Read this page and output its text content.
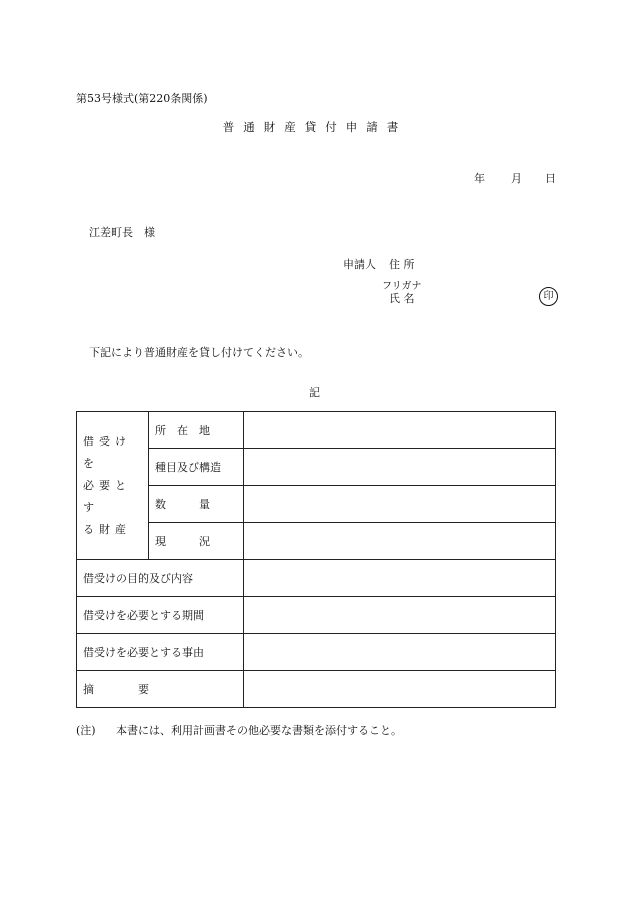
第53号様式(第220条関係)
普通財産貸付申請書
年 月 日
江差町長　様
申請人 住 所
フリガナ
氏 名	印
下記により普通財産を貸し付けてください。
記
借受けを
必要とす
る財産	所　在　地	
	種目及び構造	
	数　　　量	
	現　　　況	
借受けの目的及び内容		
借受けを必要とする期間		
借受けを必要とする事由		
摘　　　　要		
(注) 本書には、利用計画書その他必要な書類を添付すること。
